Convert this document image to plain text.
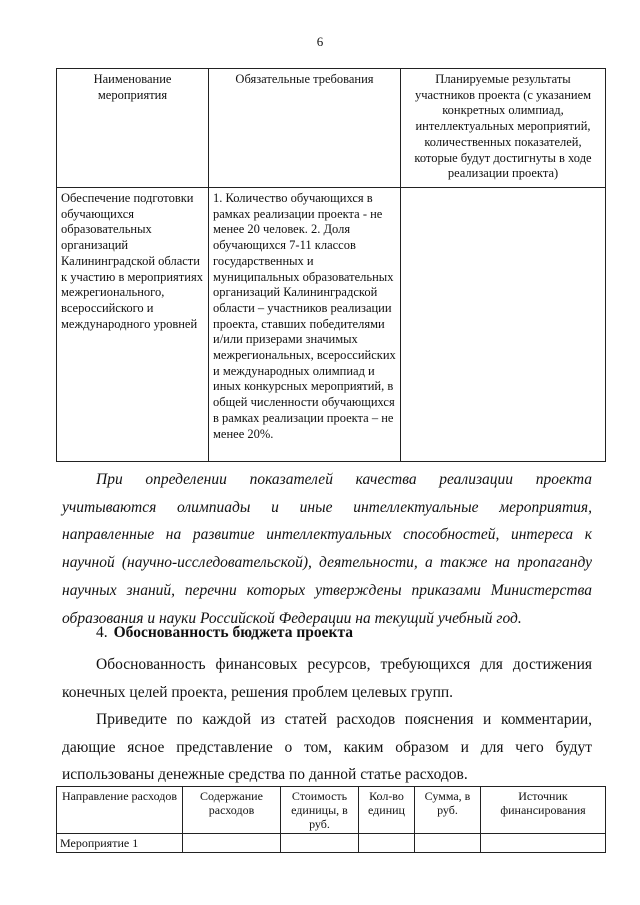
6
Наименование мероприятия	Обязательные требования	Планируемые результаты участников проекта (с указанием конкретных олимпиад, интеллектуальных мероприятий, количественных показателей, которые будут достигнуты в ходе реализации проекта)
Обеспечение подготовки обучающихся образовательных организаций Калининградской области к участию в мероприятиях межрегионального, всероссийского и международного уровней	1. Количество обучающихся в рамках реализации проекта - не менее 20 человек. 2. Доля обучающихся 7-11 классов государственных и муниципальных образовательных организаций Калининградской области – участников реализации проекта, ставших победителями и/или призерами значимых межрегиональных, всероссийских и международных олимпиад и иных конкурсных мероприятий, в общей численности обучающихся в рамках реализации проекта – не менее 20%.	
При определении показателей качества реализации проекта учитываются олимпиады и иные интеллектуальные мероприятия, направленные на развитие интеллектуальных способностей, интереса к научной (научно-исследовательской), деятельности, а также на пропаганду научных знаний, перечни которых утверждены приказами Министерства образования и науки Российской Федерации на текущий учебный год.
4. Обоснованность бюджета проекта
Обоснованность финансовых ресурсов, требующихся для достижения конечных целей проекта, решения проблем целевых групп.
Приведите по каждой из статей расходов пояснения и комментарии, дающие ясное представление о том, каким образом и для чего будут использованы денежные средства по данной статье расходов.
Направление расходов	Содержание расходов	Стоимость единицы, в руб.	Кол-во единиц	Сумма, в руб.	Источник финансирования
Мероприятие 1					
